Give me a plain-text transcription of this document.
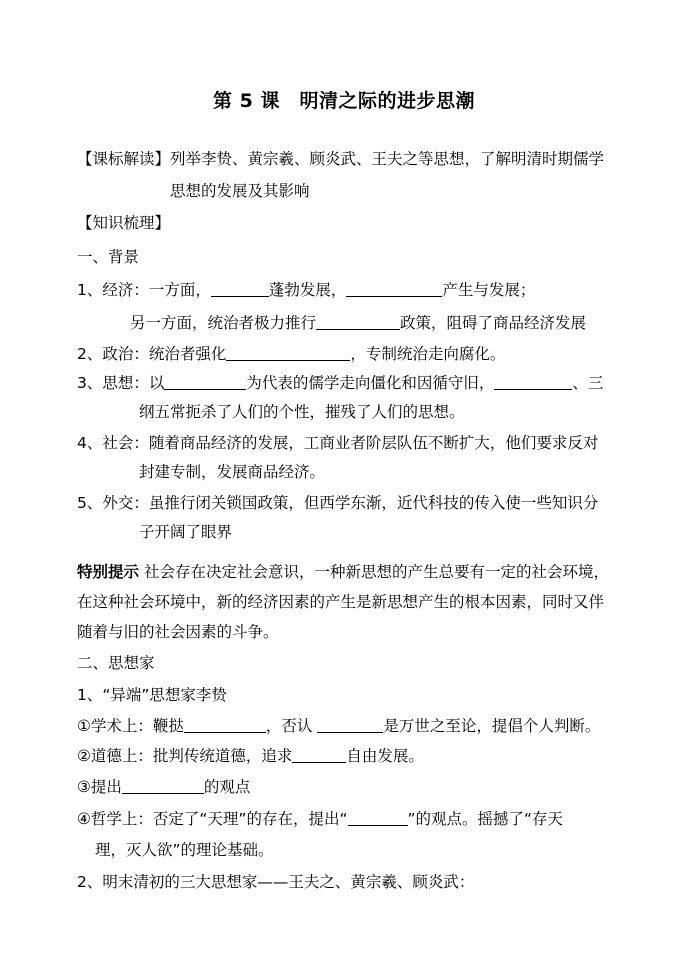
第 5 课　明清之际的进步思潮
【课标解读】列举李贽、黄宗羲、顾炎武、王夫之等思想，了解明清时期儒学
思想的发展及其影响
【知识梳理】
一、背景
1、经济：一方面，	蓬勃发展，	产生与发展；
另一方面，统治者极力推行	政策，阻碍了商品经济发展
2、政治：统治者强化	，专制统治走向腐化。
3、思想：以	为代表的儒学走向僵化和因循守旧，	、三
纲五常扼杀了人们的个性，摧残了人们的思想。
4、社会：随着商品经济的发展，工商业者阶层队伍不断扩大，他们要求反对
封建专制，发展商品经济。
5、外交：虽推行闭关锁国政策，但西学东渐，近代科技的传入使一些知识分
子开阔了眼界
特别提示 社会存在决定社会意识，一种新思想的产生总要有一定的社会环境，
在这种社会环境中，新的经济因素的产生是新思想产生的根本因素，同时又伴
随着与旧的社会因素的斗争。
二、思想家
1、“异端”思想家李贽
①学术上：鞭挞	，否认	是万世之至论，提倡个人判断。
②道德上：批判传统道德，追求	自由发展。
③提出	的观点
④哲学上：否定了“天理”的存在，提出“	”的观点。摇撼了“存天
理，灭人欲”的理论基础。
2、明末清初的三大思想家——王夫之、黄宗羲、顾炎武：
